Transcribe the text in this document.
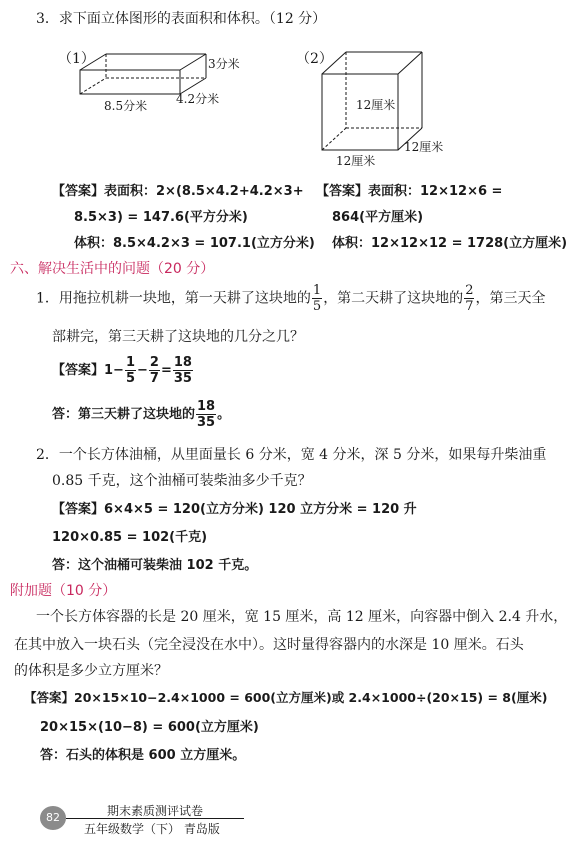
3．求下面立体图形的表面积和体积。（12 分）
（1）	3分米
4.2分米
8.5分米
（2）
12厘米
12厘米
12厘米
【答案】表面积：2×(8.5×4.2+4.2×3+
8.5×3) = 147.6(平方分米)
体积：8.5×4.2×3 = 107.1(立方分米)
【答案】表面积：12×12×6 =
864(平方厘米)
体积：12×12×12 = 1728(立方厘米)
六、解决生活中的问题（20 分）
1．用拖拉机耕一块地，第一天耕了这块地的 $\frac{1}{5}$ ，第二天耕了这块地的 $\frac{2}{7}$ ，第三天全
部耕完，第三天耕了这块地的几分之几？
【答案】$1- \frac{1}{5} - \frac{2}{7} = \frac{18}{35}$
答：第三天耕了这块地的 $\frac{18}{35}$ 。
2．一个长方体油桶，从里面量长 6 分米，宽 4 分米，深 5 分米，如果每升柴油重
0.85 千克，这个油桶可装柴油多少千克？
【答案】6×4×5 = 120(立方分米) 120 立方分米 = 120 升
120×0.85 = 102(千克)
答：这个油桶可装柴油 102 千克。
附加题（10 分）
一个长方体容器的长是 20 厘米，宽 15 厘米，高 12 厘米，向容器中倒入 2.4 升水，
在其中放入一块石头（完全浸没在水中）。这时量得容器内的水深是 10 厘米。石头
的体积是多少立方厘米？
【答案】20×15×10−2.4×1000 = 600(立方厘米)或 2.4×1000÷(20×15) = 8(厘米)
20×15×(10−8) = 600(立方厘米)
答：石头的体积是 600 立方厘米。
82	期末素质测评试卷
五年级数学（下） 青岛版
